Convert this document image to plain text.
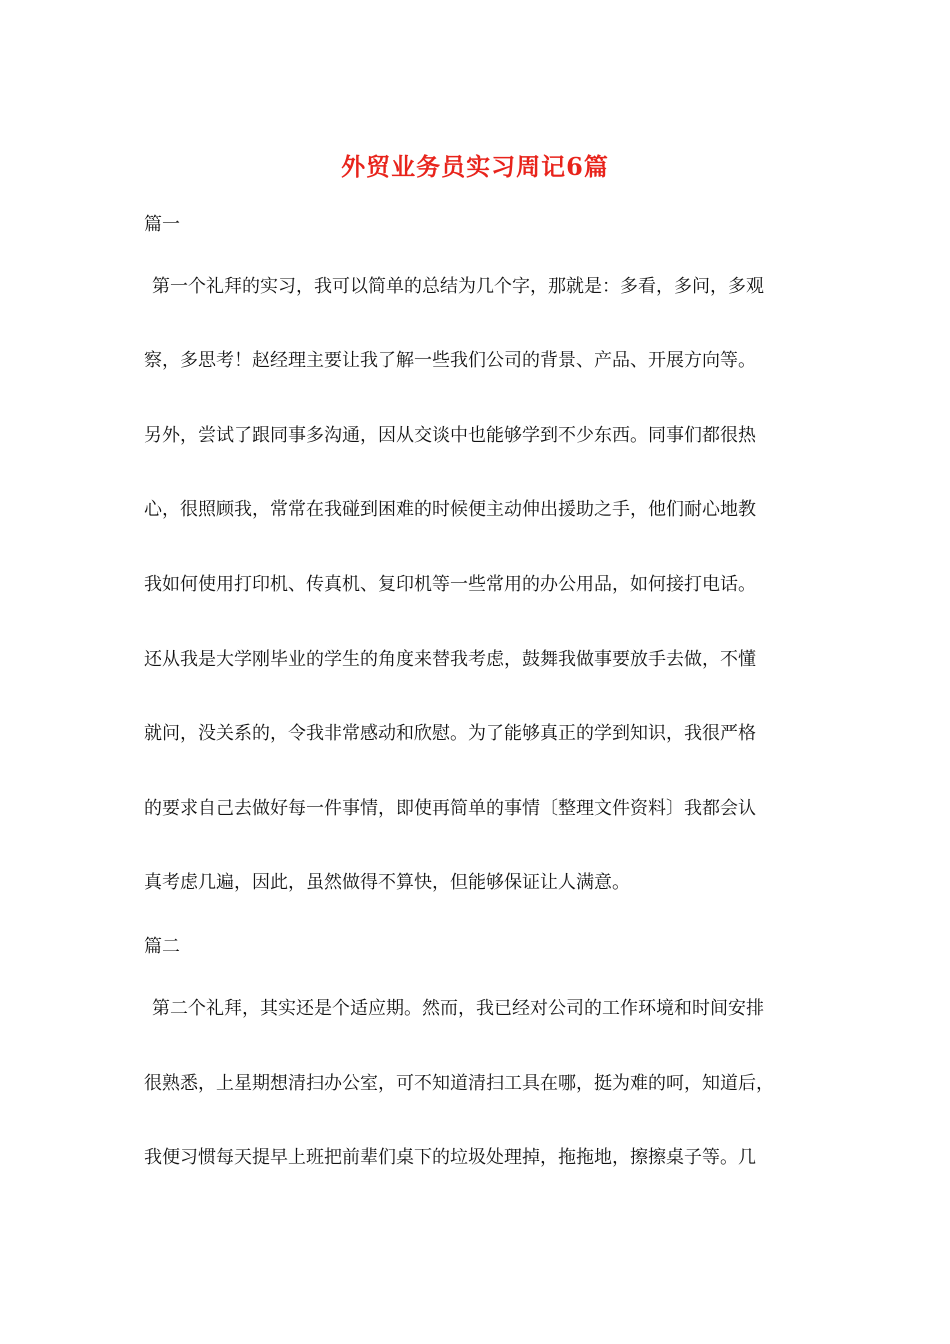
外贸业务员实习周记6篇
篇一
第一个礼拜的实习，我可以简单的总结为几个字，那就是：多看，多问，多观
察，多思考！赵经理主要让我了解一些我们公司的背景、产品、开展方向等。
另外，尝试了跟同事多沟通，因从交谈中也能够学到不少东西。同事们都很热
心，很照顾我，常常在我碰到困难的时候便主动伸出援助之手，他们耐心地教
我如何使用打印机、传真机、复印机等一些常用的办公用品，如何接打电话。
还从我是大学刚毕业的学生的角度来替我考虑，鼓舞我做事要放手去做，不懂
就问，没关系的，令我非常感动和欣慰。为了能够真正的学到知识，我很严格
的要求自己去做好每一件事情，即使再简单的事情〔整理文件资料〕我都会认
真考虑几遍，因此，虽然做得不算快，但能够保证让人满意。
篇二
第二个礼拜，其实还是个适应期。然而，我已经对公司的工作环境和时间安排
很熟悉，上星期想清扫办公室，可不知道清扫工具在哪，挺为难的呵，知道后，
我便习惯每天提早上班把前辈们桌下的垃圾处理掉，拖拖地，擦擦桌子等。几
